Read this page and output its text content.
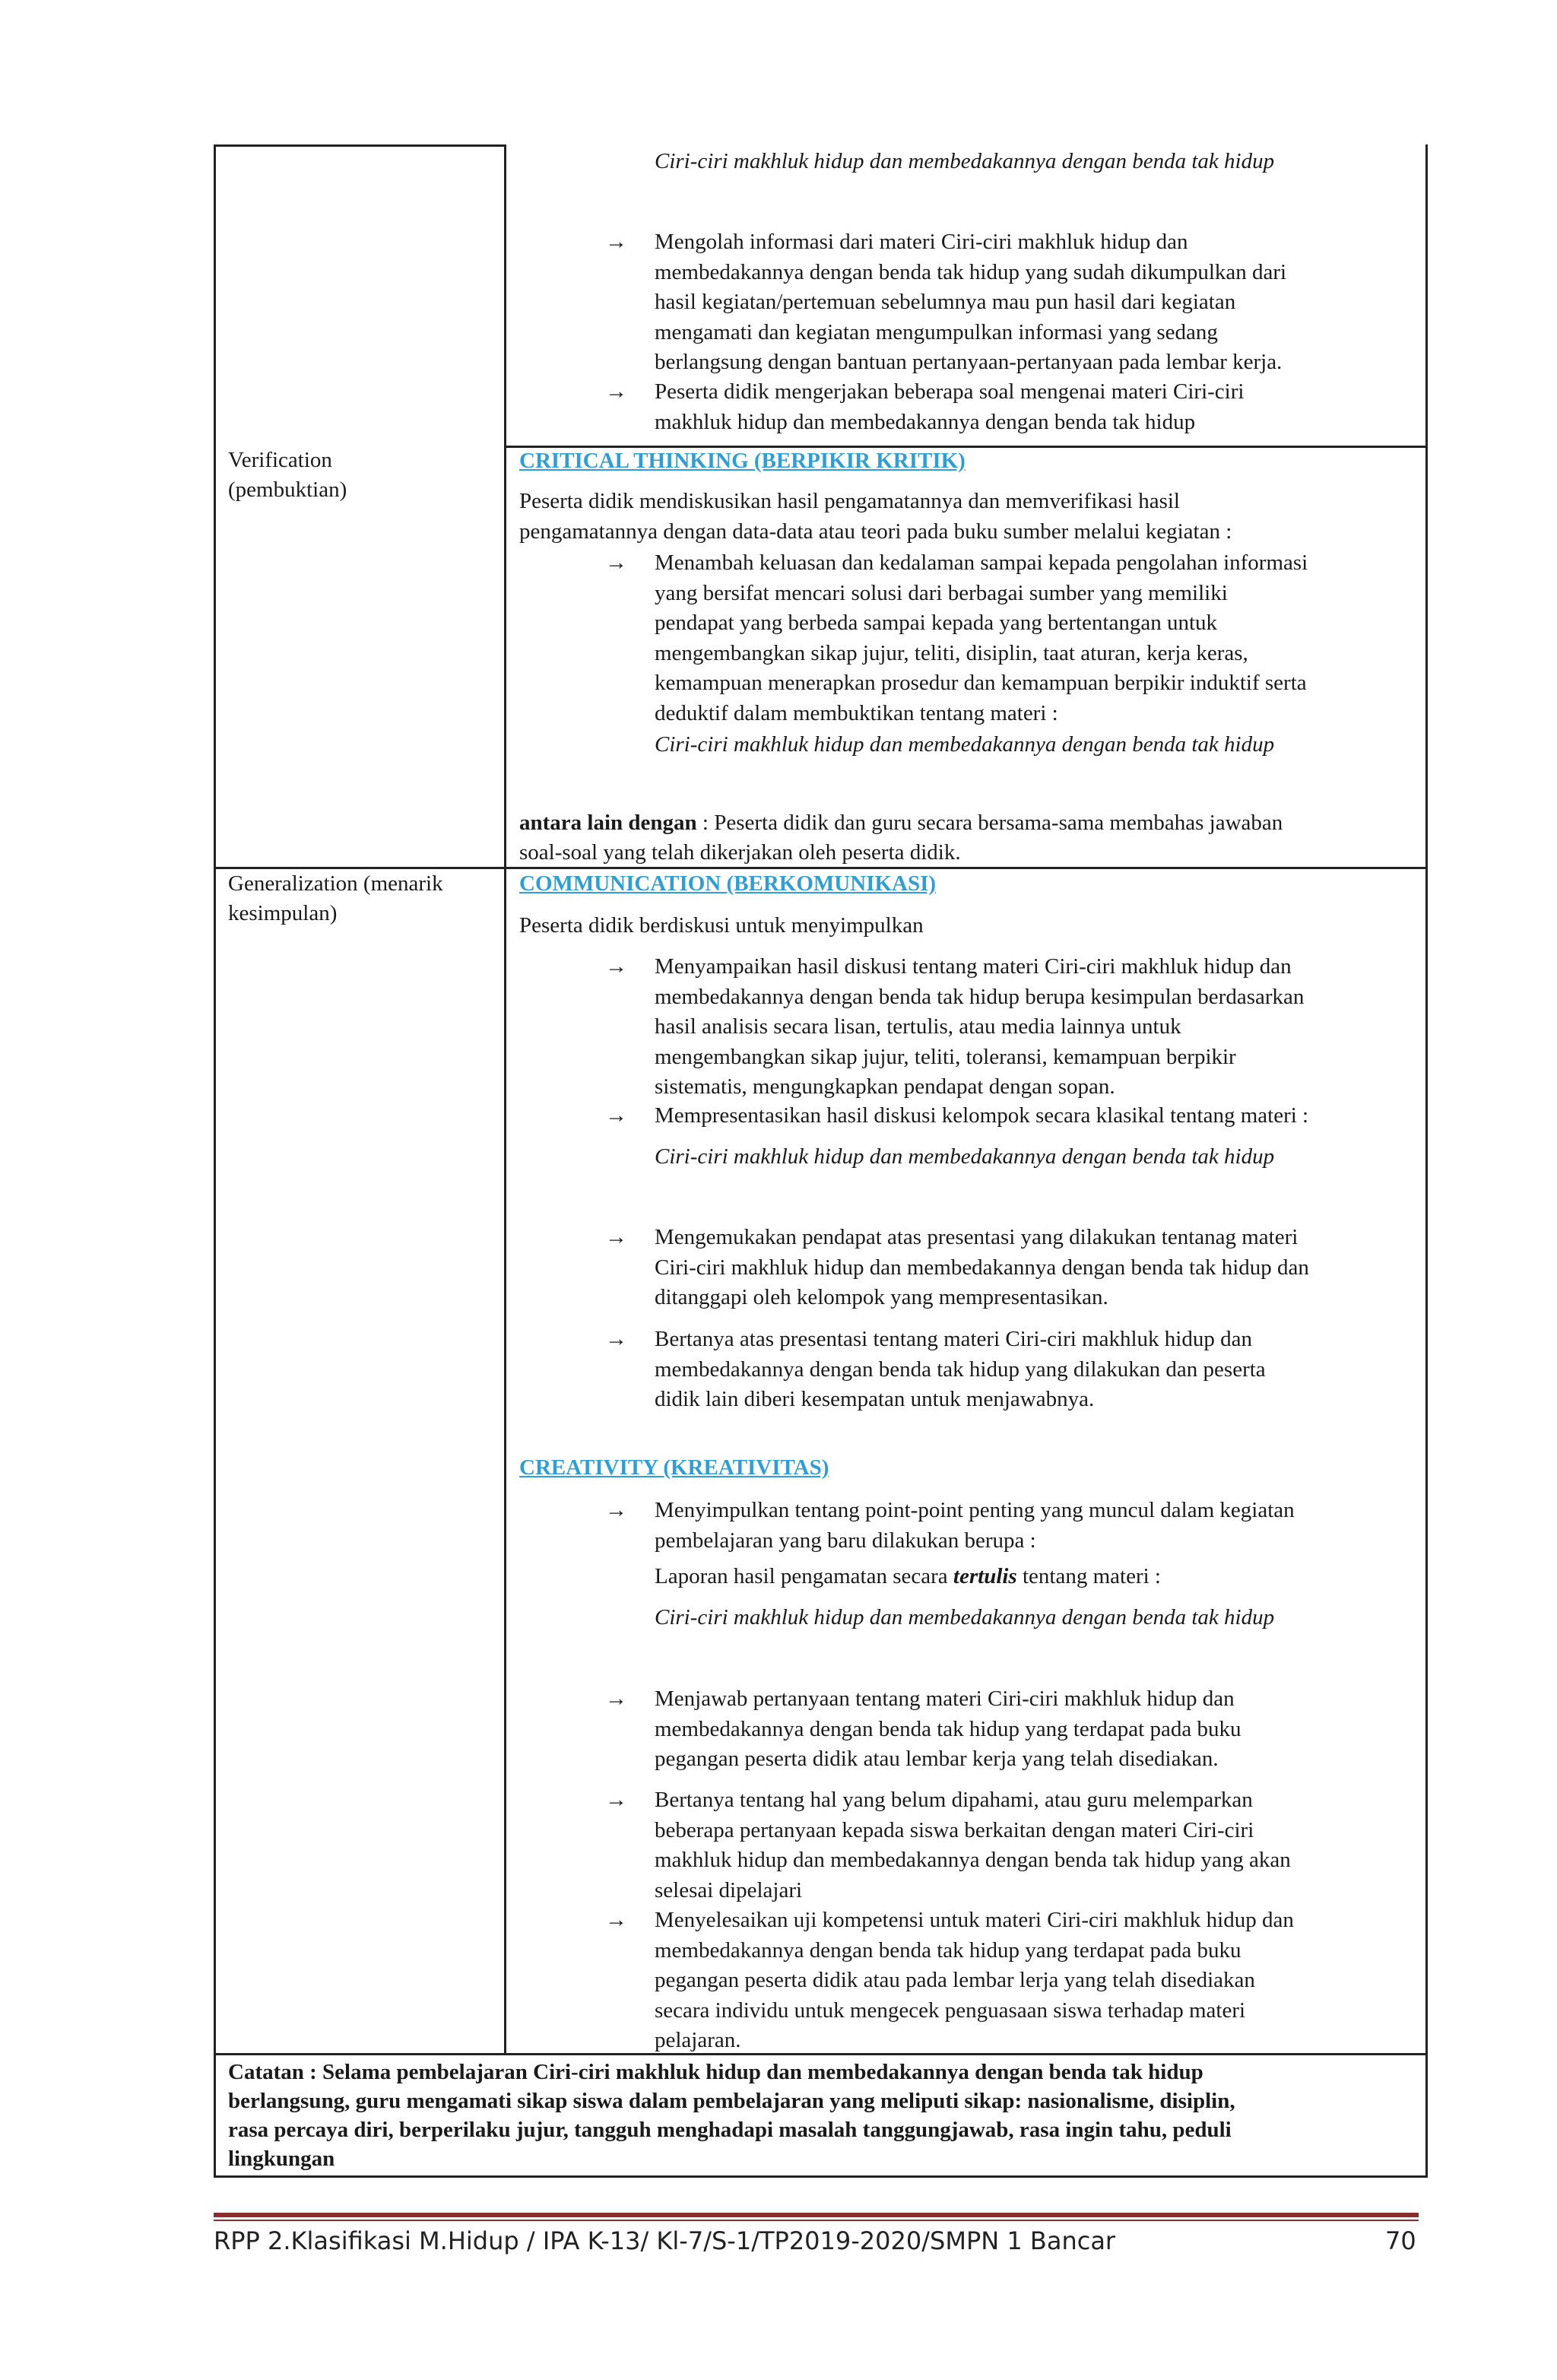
Verification
(pembuktian)
Generalization (menarik
kesimpulan)
Ciri-ciri makhluk hidup dan membedakannya dengan benda tak hidup
→ Mengolah informasi dari materi Ciri-ciri makhluk hidup dan
membedakannya dengan benda tak hidup yang sudah dikumpulkan dari
hasil kegiatan/pertemuan sebelumnya mau pun hasil dari kegiatan
mengamati dan kegiatan mengumpulkan informasi yang sedang
berlangsung dengan bantuan pertanyaan-pertanyaan pada lembar kerja.
→ Peserta didik mengerjakan beberapa soal mengenai materi Ciri-ciri
makhluk hidup dan membedakannya dengan benda tak hidup
CRITICAL THINKING (BERPIKIR KRITIK)
Peserta didik mendiskusikan hasil pengamatannya dan memverifikasi hasil
pengamatannya dengan data-data atau teori pada buku sumber melalui kegiatan :
→ Menambah keluasan dan kedalaman sampai kepada pengolahan informasi
yang bersifat mencari solusi dari berbagai sumber yang memiliki
pendapat yang berbeda sampai kepada yang bertentangan untuk
mengembangkan sikap jujur, teliti, disiplin, taat aturan, kerja keras,
kemampuan menerapkan prosedur dan kemampuan berpikir induktif serta
deduktif dalam membuktikan tentang materi :
Ciri-ciri makhluk hidup dan membedakannya dengan benda tak hidup
antara lain dengan : Peserta didik dan guru secara bersama-sama membahas jawaban
soal-soal yang telah dikerjakan oleh peserta didik.
COMMUNICATION (BERKOMUNIKASI)
Peserta didik berdiskusi untuk menyimpulkan
→ Menyampaikan hasil diskusi tentang materi Ciri-ciri makhluk hidup dan
membedakannya dengan benda tak hidup berupa kesimpulan berdasarkan
hasil analisis secara lisan, tertulis, atau media lainnya untuk
mengembangkan sikap jujur, teliti, toleransi, kemampuan berpikir
sistematis, mengungkapkan pendapat dengan sopan.
→ Mempresentasikan hasil diskusi kelompok secara klasikal tentang materi :
Ciri-ciri makhluk hidup dan membedakannya dengan benda tak hidup
→ Mengemukakan pendapat atas presentasi yang dilakukan tentanag materi
Ciri-ciri makhluk hidup dan membedakannya dengan benda tak hidup dan
ditanggapi oleh kelompok yang mempresentasikan.
→ Bertanya atas presentasi tentang materi Ciri-ciri makhluk hidup dan
membedakannya dengan benda tak hidup yang dilakukan dan peserta
didik lain diberi kesempatan untuk menjawabnya.
CREATIVITY (KREATIVITAS)
→ Menyimpulkan tentang point-point penting yang muncul dalam kegiatan
pembelajaran yang baru dilakukan berupa :
Laporan hasil pengamatan secara tertulis tentang materi :
Ciri-ciri makhluk hidup dan membedakannya dengan benda tak hidup
→ Menjawab pertanyaan tentang materi Ciri-ciri makhluk hidup dan
membedakannya dengan benda tak hidup yang terdapat pada buku
pegangan peserta didik atau lembar kerja yang telah disediakan.
→ Bertanya tentang hal yang belum dipahami, atau guru melemparkan
beberapa pertanyaan kepada siswa berkaitan dengan materi Ciri-ciri
makhluk hidup dan membedakannya dengan benda tak hidup yang akan
selesai dipelajari
→ Menyelesaikan uji kompetensi untuk materi Ciri-ciri makhluk hidup dan
membedakannya dengan benda tak hidup yang terdapat pada buku
pegangan peserta didik atau pada lembar lerja yang telah disediakan
secara individu untuk mengecek penguasaan siswa terhadap materi
pelajaran.
Catatan : Selama pembelajaran Ciri-ciri makhluk hidup dan membedakannya dengan benda tak hidup
berlangsung, guru mengamati sikap siswa dalam pembelajaran yang meliputi sikap: nasionalisme, disiplin,
rasa percaya diri, berperilaku jujur, tangguh menghadapi masalah tanggungjawab, rasa ingin tahu, peduli
lingkungan
RPP 2.Klasifikasi M.Hidup / IPA K-13/ Kl-7/S-1/TP2019-2020/SMPN 1 Bancar	70
